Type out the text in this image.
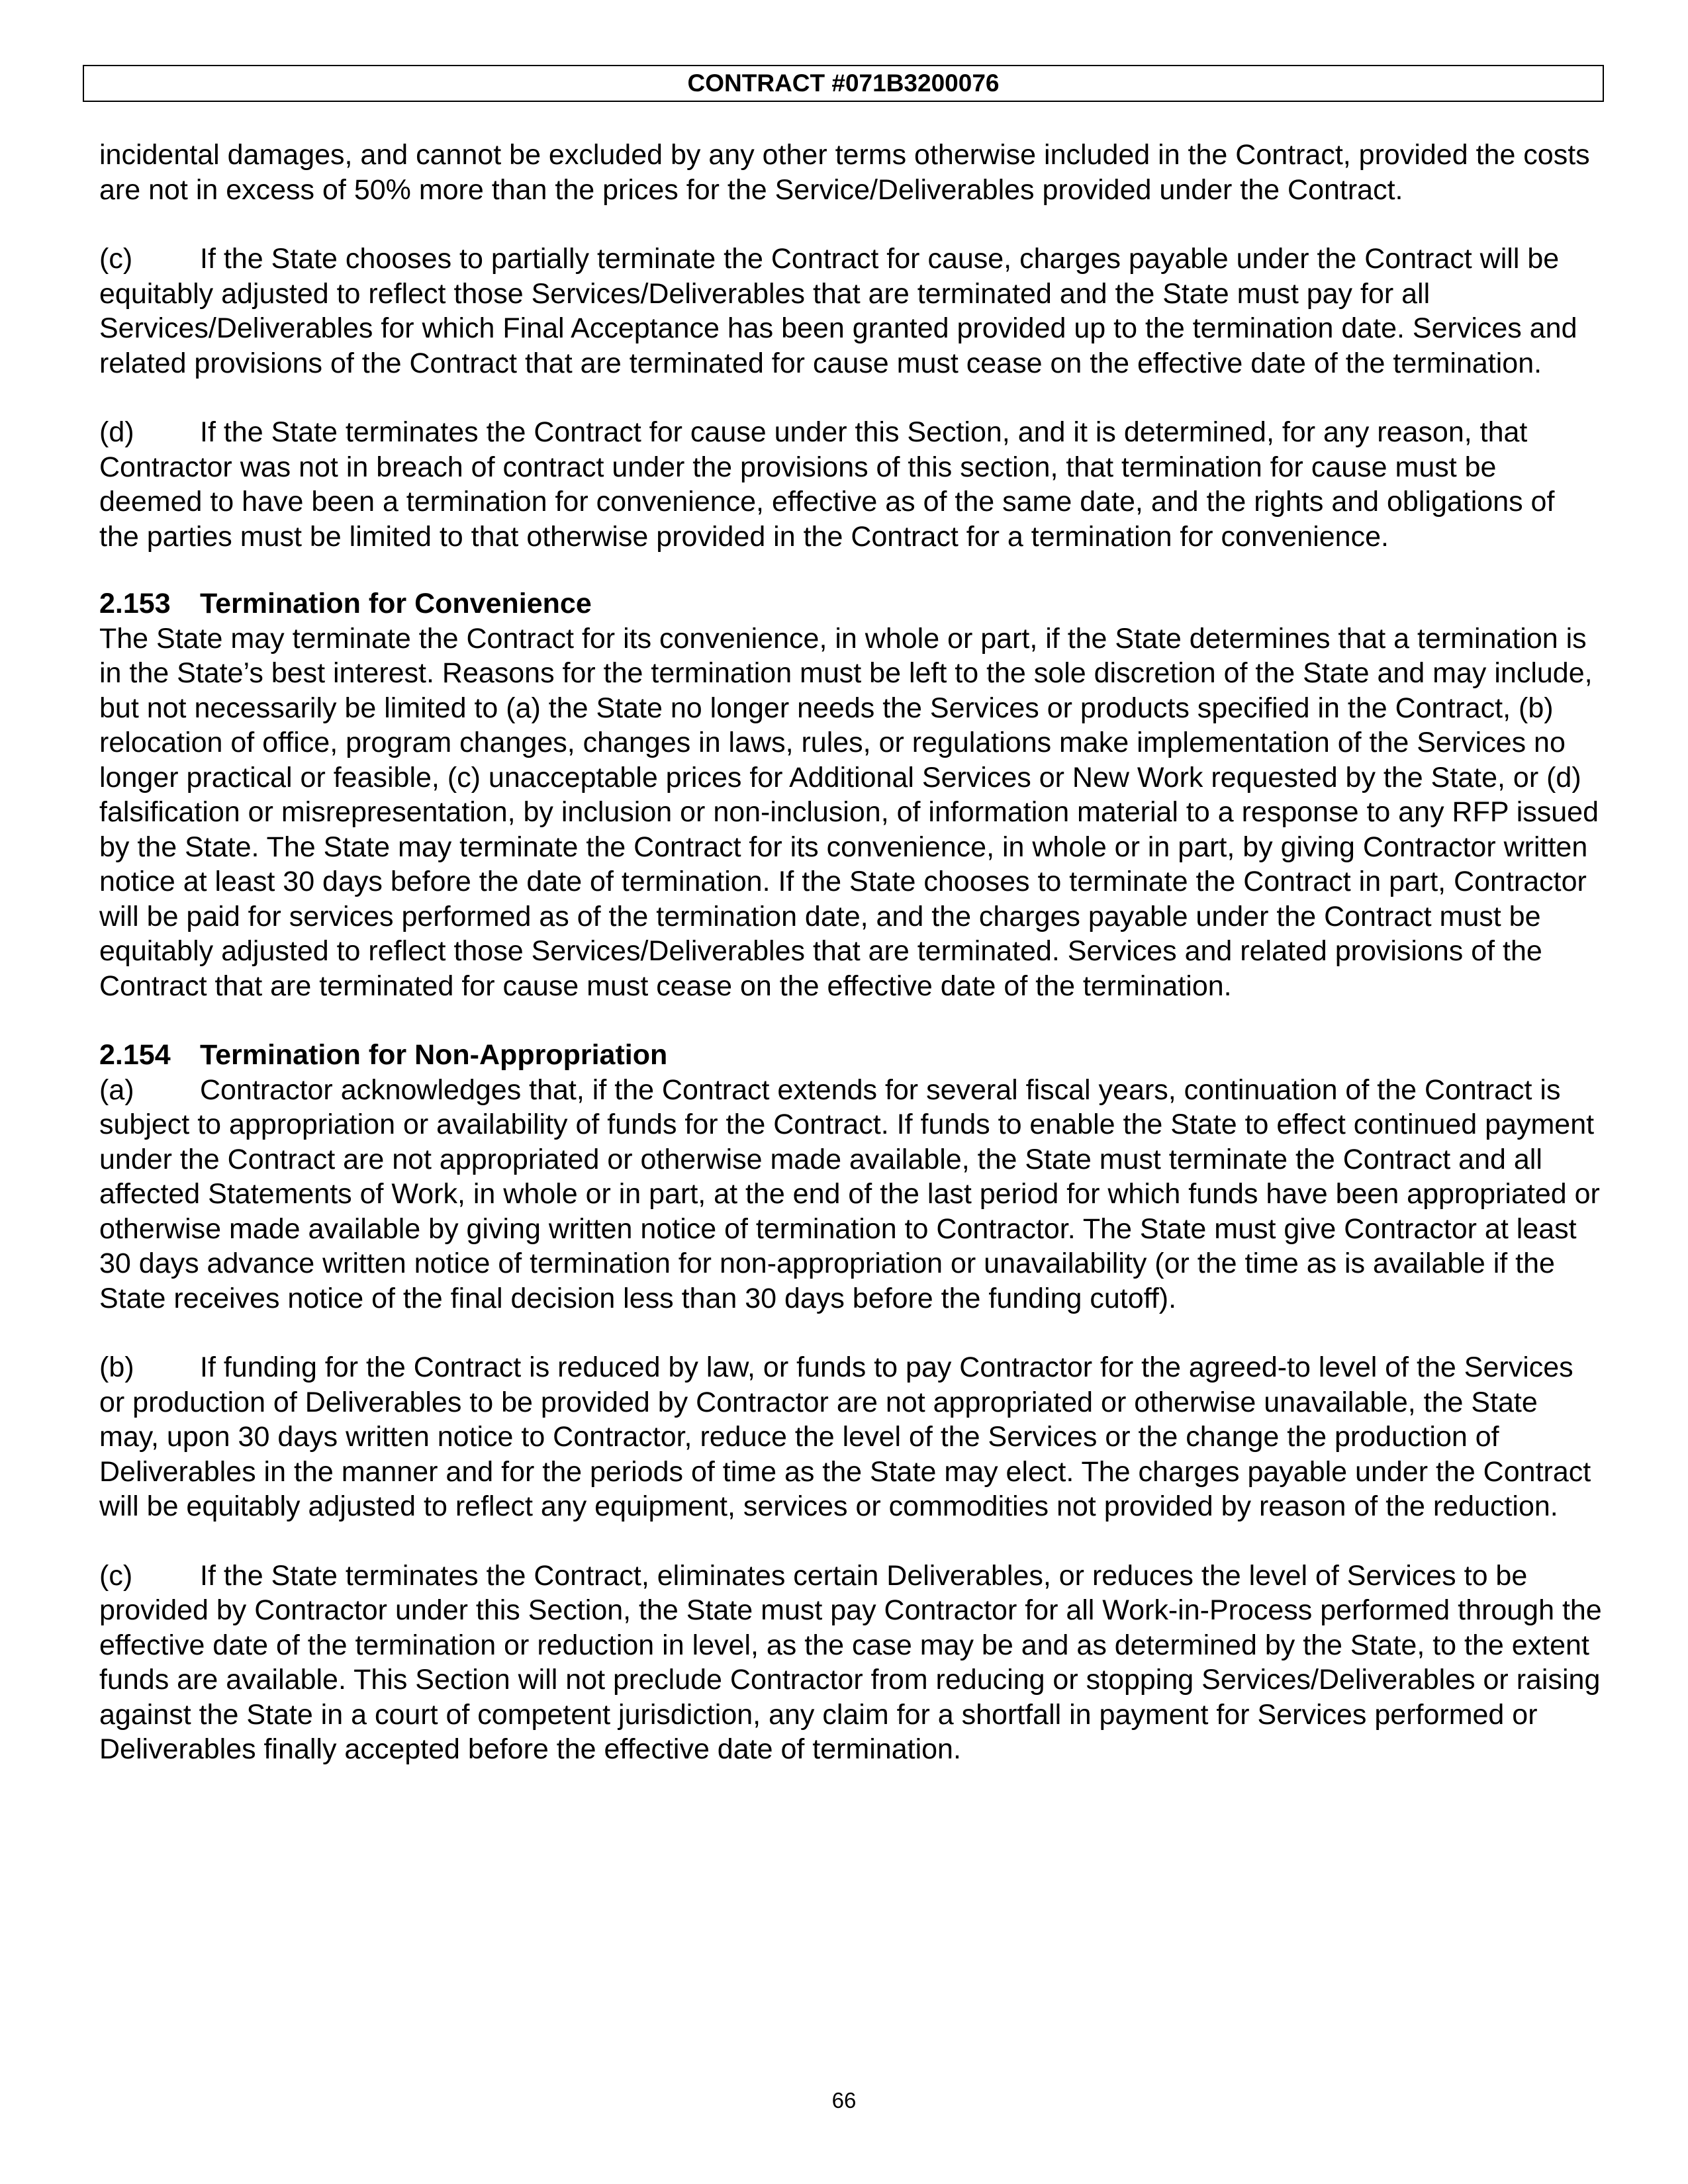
CONTRACT #071B3200076

incidental damages, and cannot be excluded by any other terms otherwise included in the Contract, provided the costs are not in excess of 50% more than the prices for the Service/Deliverables provided under the Contract.

(c) If the State chooses to partially terminate the Contract for cause, charges payable under the Contract will be equitably adjusted to reflect those Services/Deliverables that are terminated and the State must pay for all Services/Deliverables for which Final Acceptance has been granted provided up to the termination date. Services and related provisions of the Contract that are terminated for cause must cease on the effective date of the termination.

(d) If the State terminates the Contract for cause under this Section, and it is determined, for any reason, that Contractor was not in breach of contract under the provisions of this section, that termination for cause must be deemed to have been a termination for convenience, effective as of the same date, and the rights and obligations of the parties must be limited to that otherwise provided in the Contract for a termination for convenience.

2.153 Termination for Convenience

The State may terminate the Contract for its convenience, in whole or part, if the State determines that a termination is in the State’s best interest. Reasons for the termination must be left to the sole discretion of the State and may include, but not necessarily be limited to (a) the State no longer needs the Services or products specified in the Contract, (b) relocation of office, program changes, changes in laws, rules, or regulations make implementation of the Services no longer practical or feasible, (c) unacceptable prices for Additional Services or New Work requested by the State, or (d) falsification or misrepresentation, by inclusion or non-inclusion, of information material to a response to any RFP issued by the State. The State may terminate the Contract for its convenience, in whole or in part, by giving Contractor written notice at least 30 days before the date of termination. If the State chooses to terminate the Contract in part, Contractor will be paid for services performed as of the termination date, and the charges payable under the Contract must be equitably adjusted to reflect those Services/Deliverables that are terminated. Services and related provisions of the Contract that are terminated for cause must cease on the effective date of the termination.

2.154 Termination for Non-Appropriation

(a) Contractor acknowledges that, if the Contract extends for several fiscal years, continuation of the Contract is subject to appropriation or availability of funds for the Contract. If funds to enable the State to effect continued payment under the Contract are not appropriated or otherwise made available, the State must terminate the Contract and all affected Statements of Work, in whole or in part, at the end of the last period for which funds have been appropriated or otherwise made available by giving written notice of termination to Contractor. The State must give Contractor at least 30 days advance written notice of termination for non-appropriation or unavailability (or the time as is available if the State receives notice of the final decision less than 30 days before the funding cutoff).

(b) If funding for the Contract is reduced by law, or funds to pay Contractor for the agreed-to level of the Services or production of Deliverables to be provided by Contractor are not appropriated or otherwise unavailable, the State may, upon 30 days written notice to Contractor, reduce the level of the Services or the change the production of Deliverables in the manner and for the periods of time as the State may elect. The charges payable under the Contract will be equitably adjusted to reflect any equipment, services or commodities not provided by reason of the reduction.

(c) If the State terminates the Contract, eliminates certain Deliverables, or reduces the level of Services to be provided by Contractor under this Section, the State must pay Contractor for all Work-in-Process performed through the effective date of the termination or reduction in level, as the case may be and as determined by the State, to the extent funds are available. This Section will not preclude Contractor from reducing or stopping Services/Deliverables or raising against the State in a court of competent jurisdiction, any claim for a shortfall in payment for Services performed or Deliverables finally accepted before the effective date of termination.

66
